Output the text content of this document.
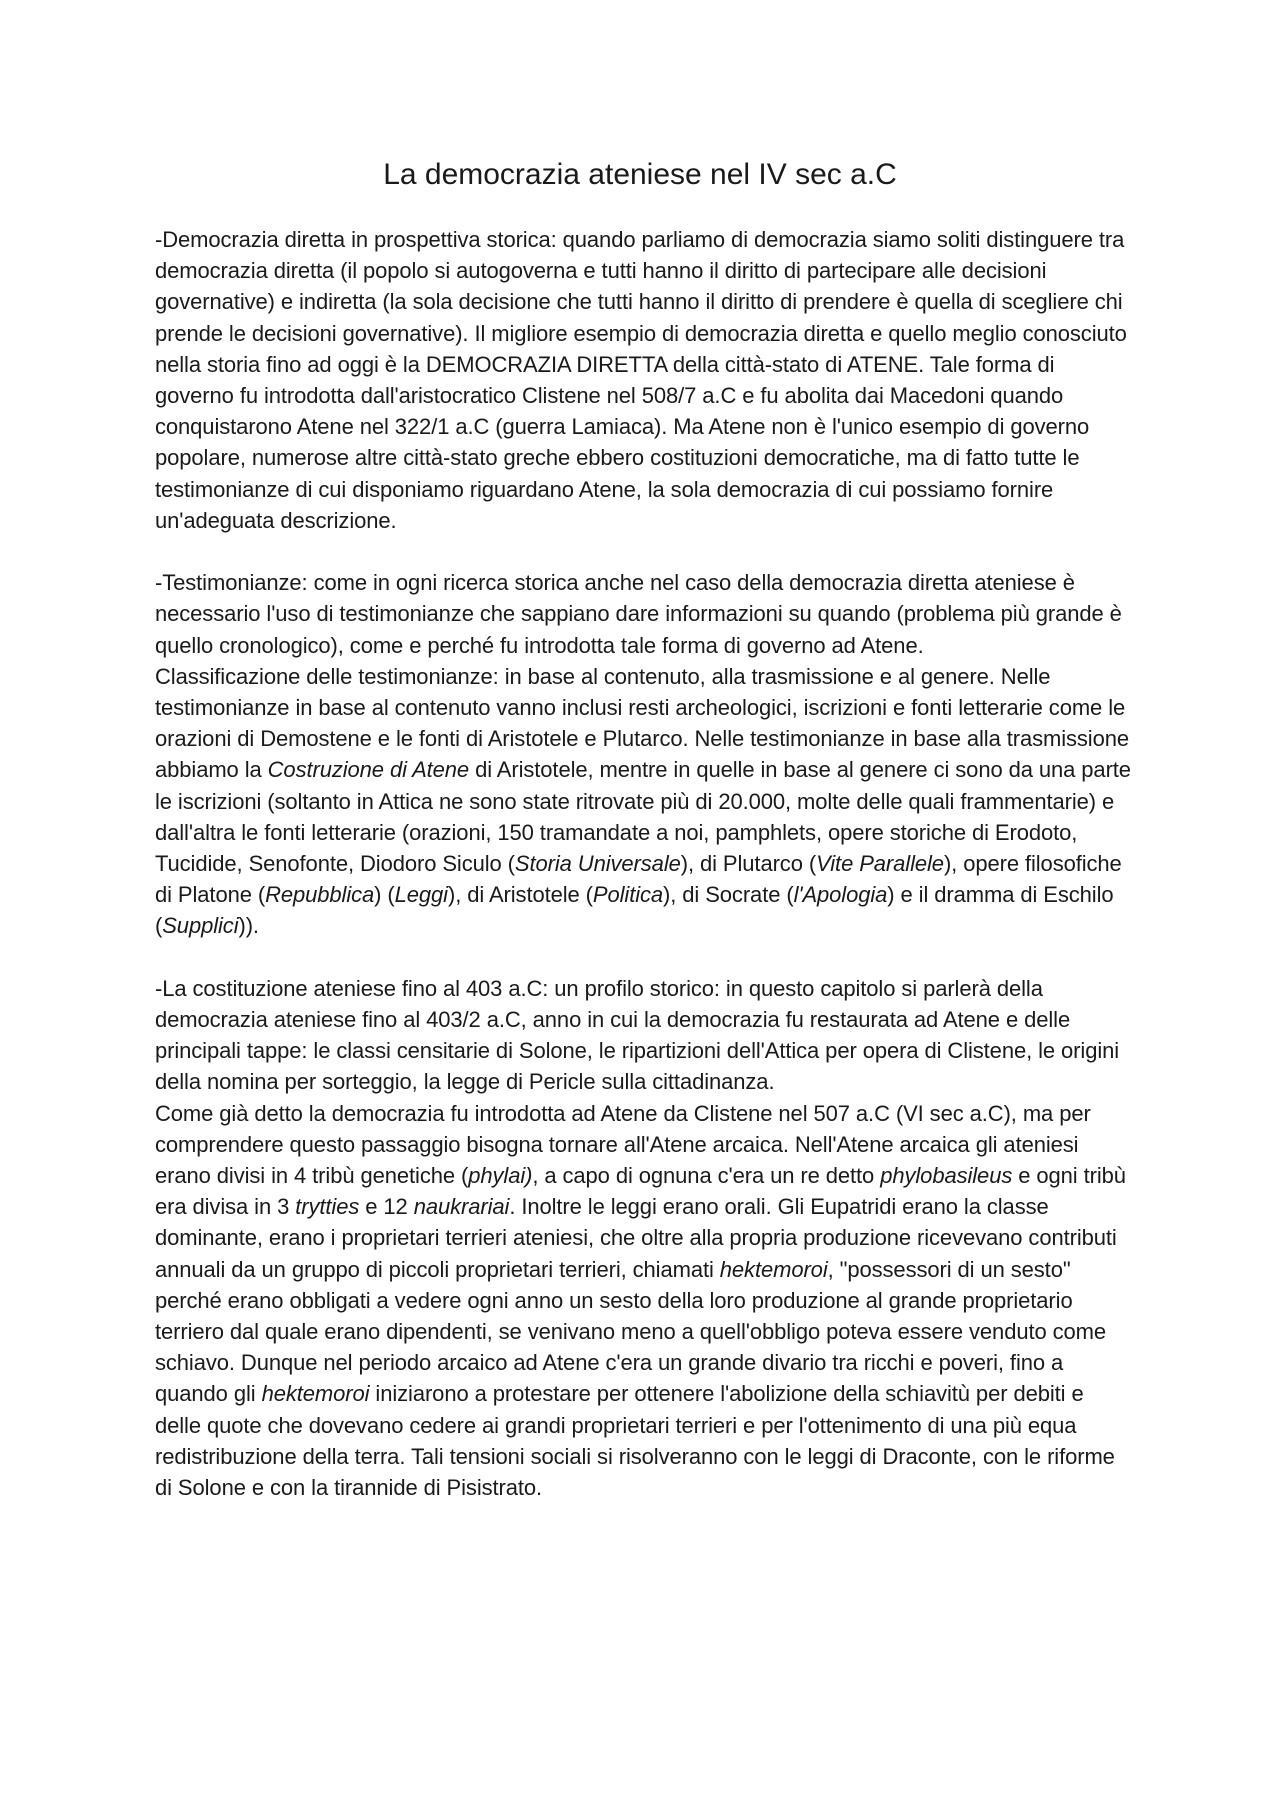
La democrazia ateniese nel IV sec a.C

-Democrazia diretta in prospettiva storica: quando parliamo di democrazia siamo soliti distinguere tra democrazia diretta (il popolo si autogoverna e tutti hanno il diritto di partecipare alle decisioni governative) e indiretta (la sola decisione che tutti hanno il diritto di prendere è quella di scegliere chi prende le decisioni governative). Il migliore esempio di democrazia diretta e quello meglio conosciuto nella storia fino ad oggi è la DEMOCRAZIA DIRETTA della città-stato di ATENE. Tale forma di governo fu introdotta dall'aristocratico Clistene nel 508/7 a.C e fu abolita dai Macedoni quando conquistarono Atene nel 322/1 a.C (guerra Lamiaca). Ma Atene non è l'unico esempio di governo popolare, numerose altre città-stato greche ebbero costituzioni democratiche, ma di fatto tutte le testimonianze di cui disponiamo riguardano Atene, la sola democrazia di cui possiamo fornire un'adeguata descrizione.

-Testimonianze: come in ogni ricerca storica anche nel caso della democrazia diretta ateniese è necessario l'uso di testimonianze che sappiano dare informazioni su quando (problema più grande è quello cronologico), come e perché fu introdotta tale forma di governo ad Atene.

Classificazione delle testimonianze: in base al contenuto, alla trasmissione e al genere. Nelle testimonianze in base al contenuto vanno inclusi resti archeologici, iscrizioni e fonti letterarie come le orazioni di Demostene e le fonti di Aristotele e Plutarco. Nelle testimonianze in base alla trasmissione abbiamo la Costruzione di Atene di Aristotele, mentre in quelle in base al genere ci sono da una parte le iscrizioni (soltanto in Attica ne sono state ritrovate più di 20.000, molte delle quali frammentarie) e dall'altra le fonti letterarie (orazioni, 150 tramandate a noi, pamphlets, opere storiche di Erodoto, Tucidide, Senofonte, Diodoro Siculo (Storia Universale), di Plutarco (Vite Parallele), opere filosofiche di Platone (Repubblica) (Leggi), di Aristotele (Politica), di Socrate (l'Apologia) e il dramma di Eschilo (Supplici)).

-La costituzione ateniese fino al 403 a.C: un profilo storico: in questo capitolo si parlerà della democrazia ateniese fino al 403/2 a.C, anno in cui la democrazia fu restaurata ad Atene e delle principali tappe: le classi censitarie di Solone, le ripartizioni dell'Attica per opera di Clistene, le origini della nomina per sorteggio, la legge di Pericle sulla cittadinanza.

Come già detto la democrazia fu introdotta ad Atene da Clistene nel 507 a.C (VI sec a.C), ma per comprendere questo passaggio bisogna tornare all'Atene arcaica. Nell'Atene arcaica gli ateniesi erano divisi in 4 tribù genetiche (phylai), a capo di ognuna c'era un re detto phylobasileus e ogni tribù era divisa in 3 trytties e 12 naukrariai. Inoltre le leggi erano orali. Gli Eupatridi erano la classe dominante, erano i proprietari terrieri ateniesi, che oltre alla propria produzione ricevevano contributi annuali da un gruppo di piccoli proprietari terrieri, chiamati hektemoroi, "possessori di un sesto" perché erano obbligati a vedere ogni anno un sesto della loro produzione al grande proprietario terriero dal quale erano dipendenti, se venivano meno a quell'obbligo poteva essere venduto come schiavo. Dunque nel periodo arcaico ad Atene c'era un grande divario tra ricchi e poveri, fino a quando gli hektemoroi iniziarono a protestare per ottenere l'abolizione della schiavitù per debiti e delle quote che dovevano cedere ai grandi proprietari terrieri e per l'ottenimento di una più equa redistribuzione della terra. Tali tensioni sociali si risolveranno con le leggi di Draconte, con le riforme di Solone e con la tirannide di Pisistrato.
